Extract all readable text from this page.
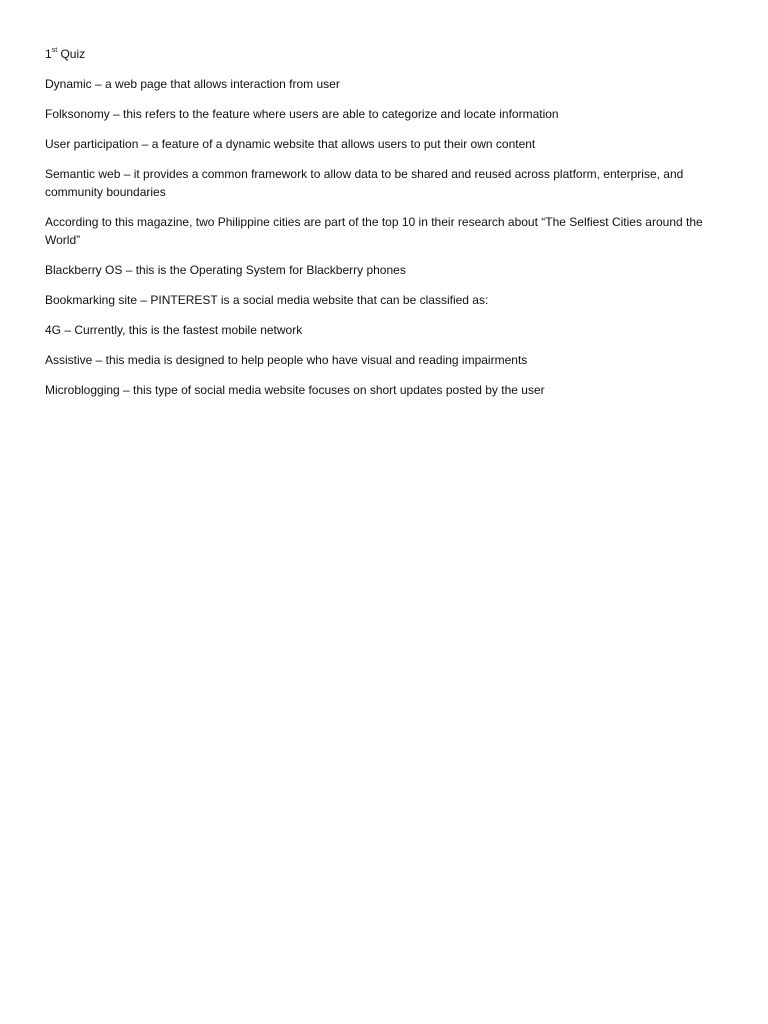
1st Quiz
Dynamic – a web page that allows interaction from user
Folksonomy – this refers to the feature where users are able to categorize and locate information
User participation – a feature of a dynamic website that allows users to put their own content
Semantic web – it provides a common framework to allow data to be shared and reused across platform, enterprise, and community boundaries
According to this magazine, two Philippine cities are part of the top 10 in their research about “The Selfiest Cities around the World”
Blackberry OS – this is the Operating System for Blackberry phones
Bookmarking site – PINTEREST is a social media website that can be classified as:
4G – Currently, this is the fastest mobile network
Assistive – this media is designed to help people who have visual and reading impairments
Microblogging – this type of social media website focuses on short updates posted by the user
